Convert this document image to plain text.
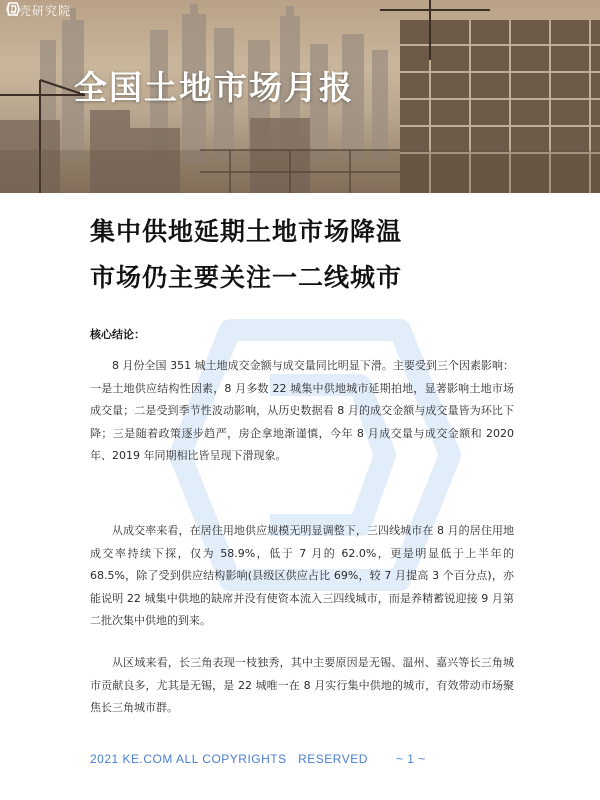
贝壳研究院
全国土地市场月报
集中供地延期土地市场降温
市场仍主要关注一二线城市

核心结论：

8 月份全国 351 城土地成交金额与成交量同比明显下滑。主要受到三个因素影响：一是土地供应结构性因素，8 月多数 22 城集中供地城市延期拍地，显著影响土地市场成交量；二是受到季节性波动影响，从历史数据看 8 月的成交金额与成交量皆为环比下降；三是随着政策逐步趋严，房企拿地渐谨慎，今年 8 月成交量与成交金额和 2020 年、2019 年同期相比皆呈现下滑现象。

从成交率来看，在居住用地供应规模无明显调整下，三四线城市在 8 月的居住用地成交率持续下探，仅为 58.9%，低于 7 月的 62.0%，更是明显低于上半年的 68.5%，除了受到供应结构影响(县级区供应占比 69%，较 7 月提高 3 个百分点)，亦能说明 22 城集中供地的缺席并没有使资本流入三四线城市，而是养精蓄锐迎接 9 月第二批次集中供地的到来。

从区域来看，长三角表现一枝独秀，其中主要原因是无锡、温州、嘉兴等长三角城市贡献良多，尤其是无锡，是 22 城唯一在 8 月实行集中供地的城市，有效带动市场聚焦长三角城市群。

2021 KE.COM ALL COPYRIGHTS   RESERVED ~ 1 ~
